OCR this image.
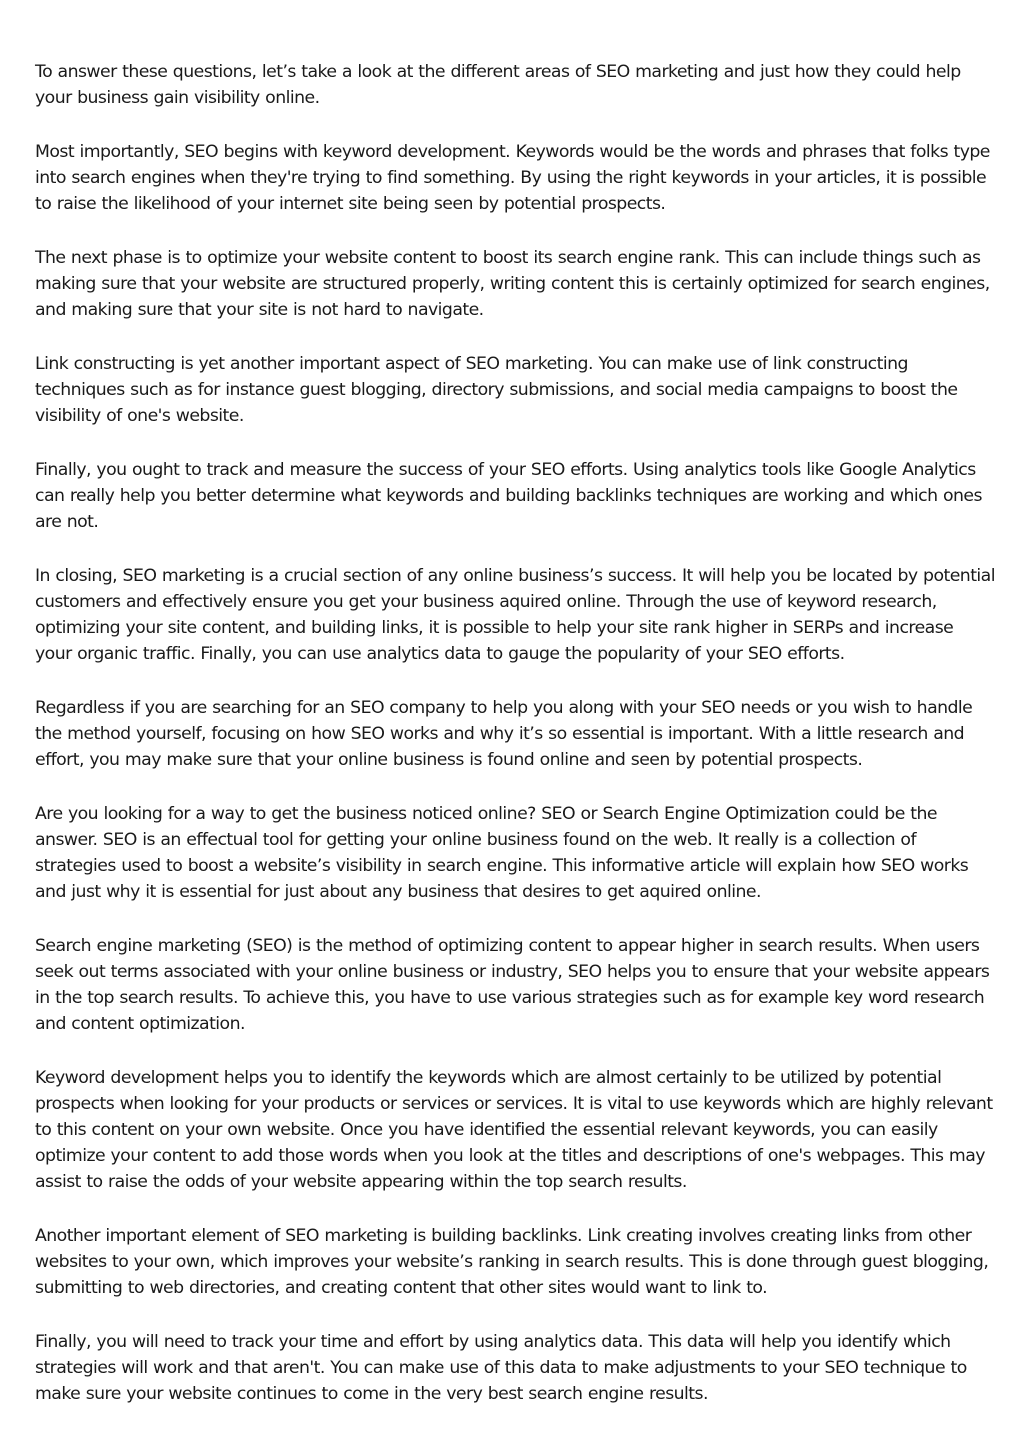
To answer these questions, let’s take a look at the different areas of SEO marketing and just how they could help your business gain visibility online.

Most importantly, SEO begins with keyword development. Keywords would be the words and phrases that folks type into search engines when they're trying to find something. By using the right keywords in your articles, it is possible to raise the likelihood of your internet site being seen by potential prospects.

The next phase is to optimize your website content to boost its search engine rank. This can include things such as making sure that your website are structured properly, writing content this is certainly optimized for search engines, and making sure that your site is not hard to navigate.

Link constructing is yet another important aspect of SEO marketing. You can make use of link constructing techniques such as for instance guest blogging, directory submissions, and social media campaigns to boost the visibility of one's website.

Finally, you ought to track and measure the success of your SEO efforts. Using analytics tools like Google Analytics can really help you better determine what keywords and building backlinks techniques are working and which ones are not.

In closing, SEO marketing is a crucial section of any online business’s success. It will help you be located by potential customers and effectively ensure you get your business aquired online. Through the use of keyword research, optimizing your site content, and building links, it is possible to help your site rank higher in SERPs and increase your organic traffic. Finally, you can use analytics data to gauge the popularity of your SEO efforts.

Regardless if you are searching for an SEO company to help you along with your SEO needs or you wish to handle the method yourself, focusing on how SEO works and why it’s so essential is important. With a little research and effort, you may make sure that your online business is found online and seen by potential prospects.

Are you looking for a way to get the business noticed online? SEO or Search Engine Optimization could be the answer. SEO is an effectual tool for getting your online business found on the web. It really is a collection of strategies used to boost a website’s visibility in search engine. This informative article will explain how SEO works and just why it is essential for just about any business that desires to get aquired online.

Search engine marketing (SEO) is the method of optimizing content to appear higher in search results. When users seek out terms associated with your online business or industry, SEO helps you to ensure that your website appears in the top search results. To achieve this, you have to use various strategies such as for example key word research and content optimization.

Keyword development helps you to identify the keywords which are almost certainly to be utilized by potential prospects when looking for your products or services or services. It is vital to use keywords which are highly relevant to this content on your own website. Once you have identified the essential relevant keywords, you can easily optimize your content to add those words when you look at the titles and descriptions of one's webpages. This may assist to raise the odds of your website appearing within the top search results.

Another important element of SEO marketing is building backlinks. Link creating involves creating links from other websites to your own, which improves your website’s ranking in search results. This is done through guest blogging, submitting to web directories, and creating content that other sites would want to link to.

Finally, you will need to track your time and effort by using analytics data. This data will help you identify which strategies will work and that aren't. You can make use of this data to make adjustments to your SEO technique to make sure your website continues to come in the very best search engine results.
